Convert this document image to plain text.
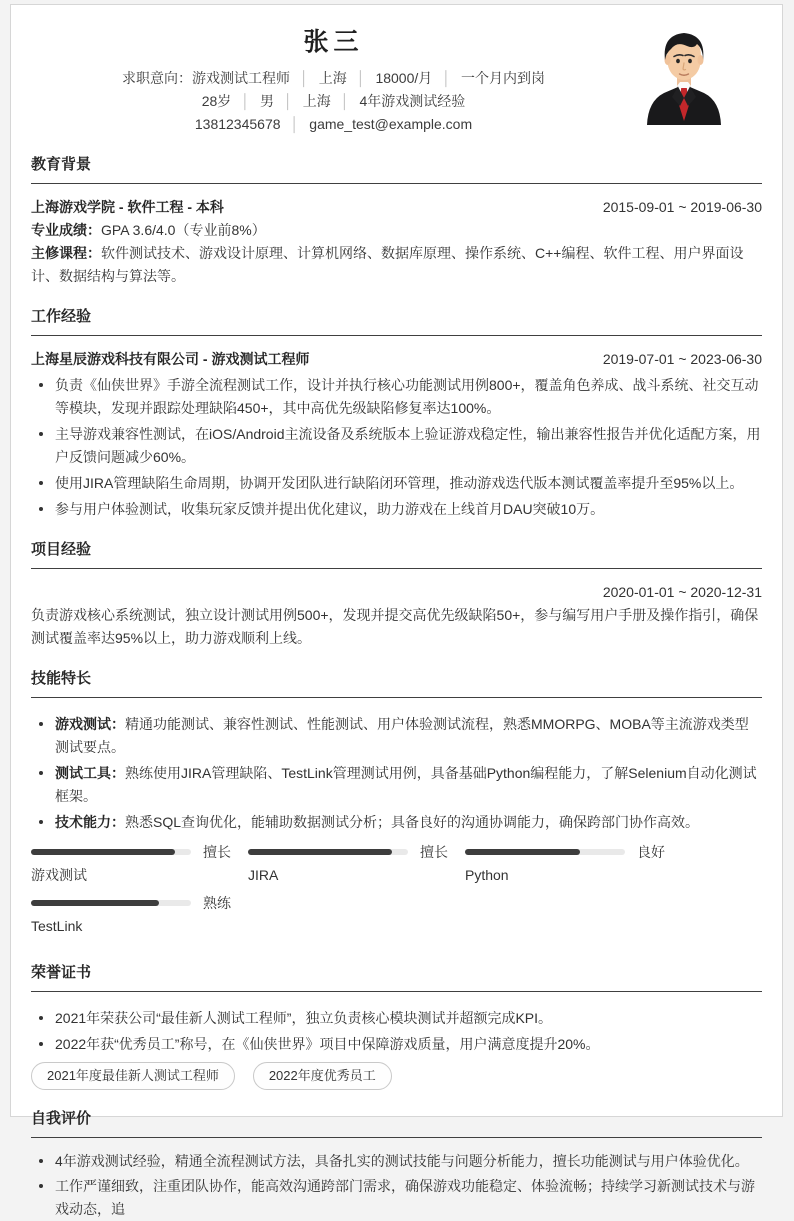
张三
求职意向：游戏测试工程师 │ 上海 │ 18000/月 │ 一个月内到岗
28岁 │ 男 │ 上海 │ 4年游戏测试经验
13812345678 │ game_test@example.com
教育背景
上海游戏学院 - 软件工程 - 本科	2015-09-01 ~ 2019-06-30
专业成绩：GPA 3.6/4.0（专业前8%）
主修课程：软件测试技术、游戏设计原理、计算机网络、数据库原理、操作系统、C++编程、软件工程、用户界面设计、数据结构与算法等。
工作经验
上海星辰游戏科技有限公司 - 游戏测试工程师	2019-07-01 ~ 2023-06-30
负责《仙侠世界》手游全流程测试工作，设计并执行核心功能测试用例800+，覆盖角色养成、战斗系统、社交互动等模块，发现并跟踪处理缺陷450+，其中高优先级缺陷修复率达100%。
主导游戏兼容性测试，在iOS/Android主流设备及系统版本上验证游戏稳定性，输出兼容性报告并优化适配方案，用户反馈问题减少60%。
使用JIRA管理缺陷生命周期，协调开发团队进行缺陷闭环管理，推动游戏迭代版本测试覆盖率提升至95%以上。
参与用户体验测试，收集玩家反馈并提出优化建议，助力游戏在上线首月DAU突破10万。
项目经验
2020-01-01 ~ 2020-12-31
负责游戏核心系统测试，独立设计测试用例500+，发现并提交高优先级缺陷50+，参与编写用户手册及操作指引，确保测试覆盖率达95%以上，助力游戏顺利上线。
技能特长
游戏测试：精通功能测试、兼容性测试、性能测试、用户体验测试流程，熟悉MMORPG、MOBA等主流游戏类型测试要点。
测试工具：熟练使用JIRA管理缺陷、TestLink管理测试用例，具备基础Python编程能力，了解Selenium自动化测试框架。
技术能力：熟悉SQL查询优化，能辅助数据测试分析；具备良好的沟通协调能力，确保跨部门协作高效。
擅长
游戏测试
擅长
JIRA
良好
Python
熟练
TestLink
荣誉证书
2021年荣获公司“最佳新人测试工程师”，独立负责核心模块测试并超额完成KPI。
2022年获“优秀员工”称号，在《仙侠世界》项目中保障游戏质量，用户满意度提升20%。
2021年度最佳新人测试工程师	2022年度优秀员工
自我评价
4年游戏测试经验，精通全流程测试方法，具备扎实的测试技能与问题分析能力，擅长功能测试与用户体验优化。
工作严谨细致，注重团队协作，能高效沟通跨部门需求，确保游戏功能稳定、体验流畅；持续学习新测试技术与游戏动态，追
